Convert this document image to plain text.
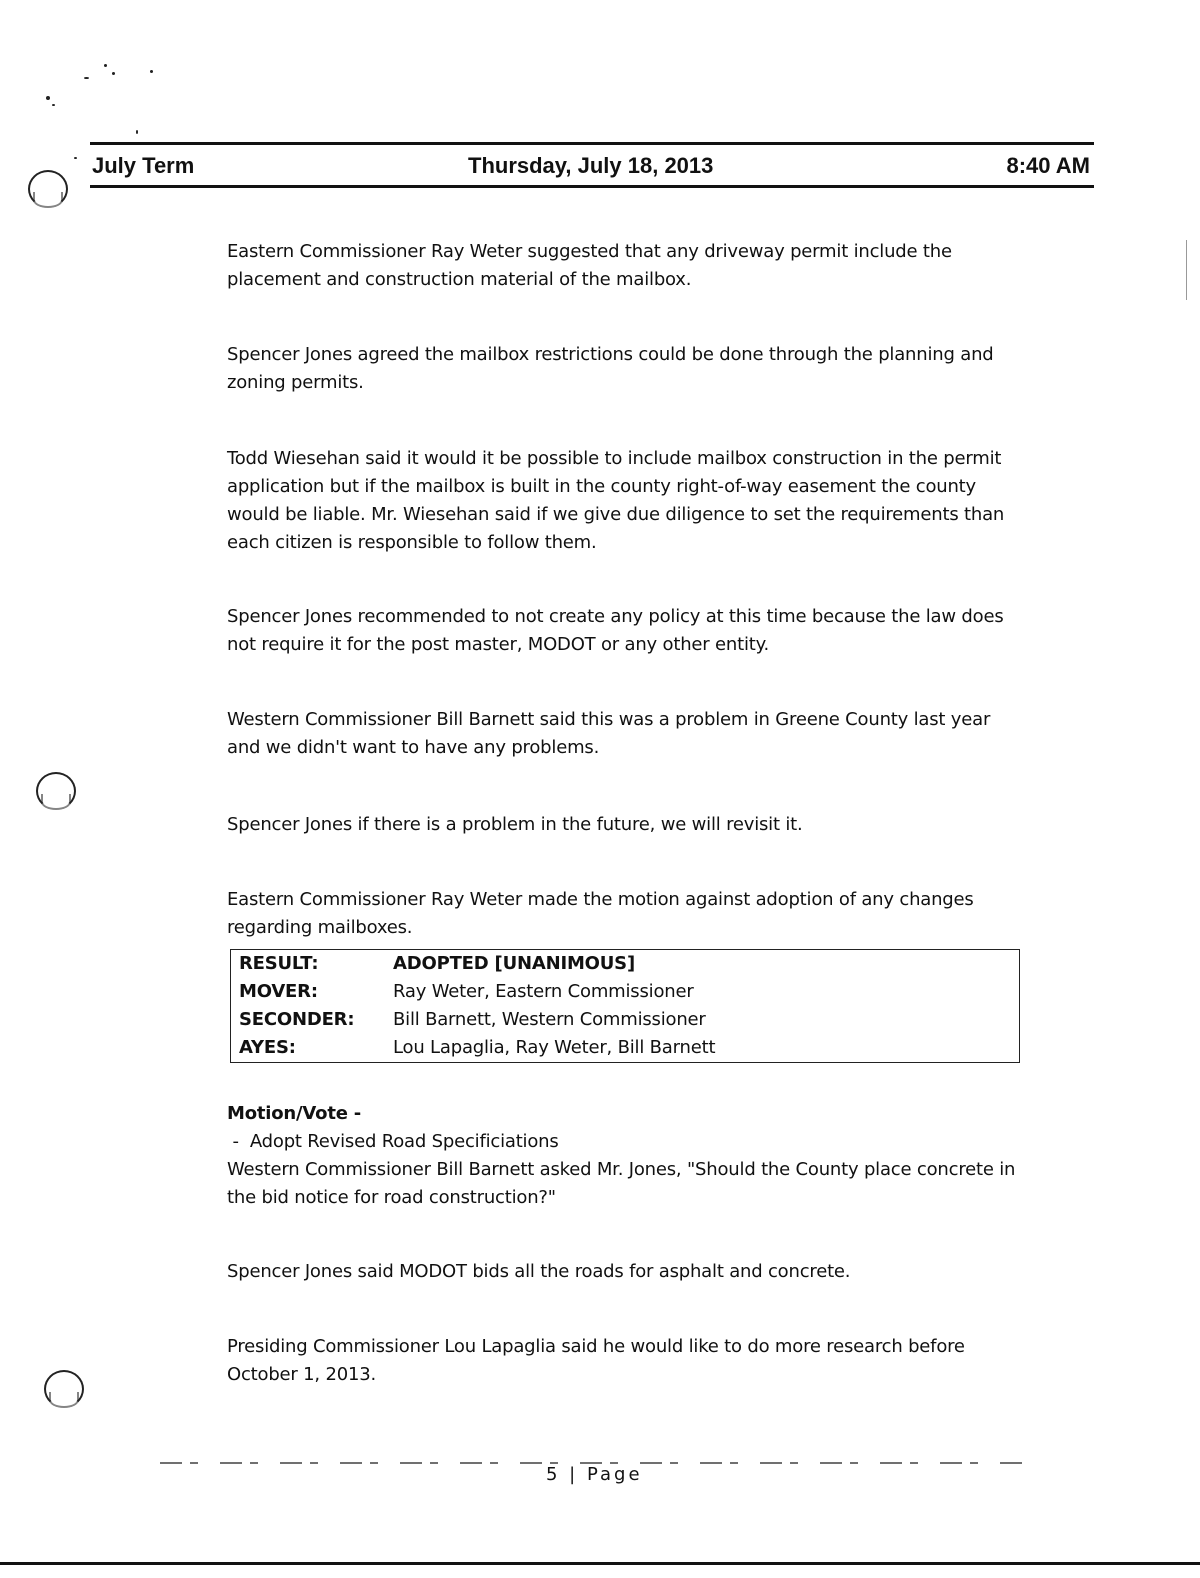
July Term	Thursday, July 18, 2013	8:40 AM

Eastern Commissioner Ray Weter suggested that any driveway permit include the placement and construction material of the mailbox.

Spencer Jones agreed the mailbox restrictions could be done through the planning and zoning permits.

Todd Wiesehan said it would it be possible to include mailbox construction in the permit application but if the mailbox is built in the county right-of-way easement the county would be liable. Mr. Wiesehan said if we give due diligence to set the requirements than each citizen is responsible to follow them.

Spencer Jones recommended to not create any policy at this time because the law does not require it for the post master, MODOT or any other entity.

Western Commissioner Bill Barnett said this was a problem in Greene County last year and we didn't want to have any problems.

Spencer Jones if there is a problem in the future, we will revisit it.

Eastern Commissioner Ray Weter made the motion against adoption of any changes regarding mailboxes.

RESULT:	ADOPTED [UNANIMOUS]
MOVER:	Ray Weter, Eastern Commissioner
SECONDER:	Bill Barnett, Western Commissioner
AYES:	Lou Lapaglia, Ray Weter, Bill Barnett

Motion/Vote -

-  Adopt Revised Road Specificiations

Western Commissioner Bill Barnett asked Mr. Jones, "Should the County place concrete in the bid notice for road construction?"

Spencer Jones said MODOT bids all the roads for asphalt and concrete.

Presiding Commissioner Lou Lapaglia said he would like to do more research before October 1, 2013.

5 | Page
